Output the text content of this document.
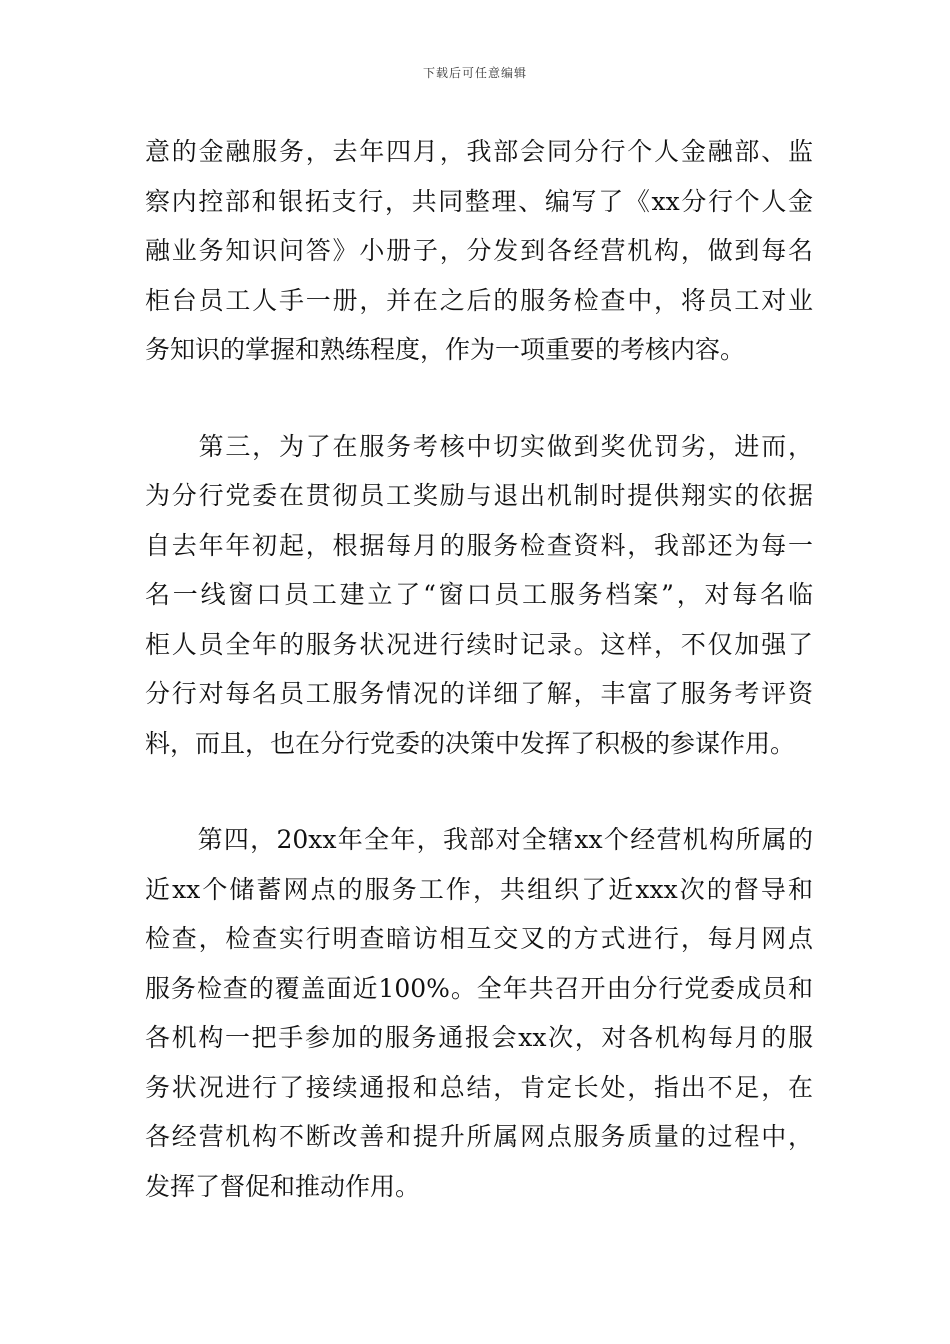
下载后可任意编辑
意的金融服务，去年四月，我部会同分行个人金融部、监
察内控部和银拓支行，共同整理、编写了《xx分行个人金
融业务知识问答》小册子，分发到各经营机构，做到每名
柜台员工人手一册，并在之后的服务检查中，将员工对业
务知识的掌握和熟练程度，作为一项重要的考核内容。
　　第三，为了在服务考核中切实做到奖优罚劣，进而，
为分行党委在贯彻员工奖励与退出机制时提供翔实的依据
自去年年初起，根据每月的服务检查资料，我部还为每一
名一线窗口员工建立了“窗口员工服务档案”，对每名临
柜人员全年的服务状况进行续时记录。这样，不仅加强了
分行对每名员工服务情况的详细了解，丰富了服务考评资
料，而且，也在分行党委的决策中发挥了积极的参谋作用。
　　第四，20xx年全年，我部对全辖xx个经营机构所属的
近xx个储蓄网点的服务工作，共组织了近xxx次的督导和
检查，检查实行明查暗访相互交叉的方式进行，每月网点
服务检查的覆盖面近100%。全年共召开由分行党委成员和
各机构一把手参加的服务通报会xx次，对各机构每月的服
务状况进行了接续通报和总结，肯定长处，指出不足，在
各经营机构不断改善和提升所属网点服务质量的过程中，
发挥了督促和推动作用。
